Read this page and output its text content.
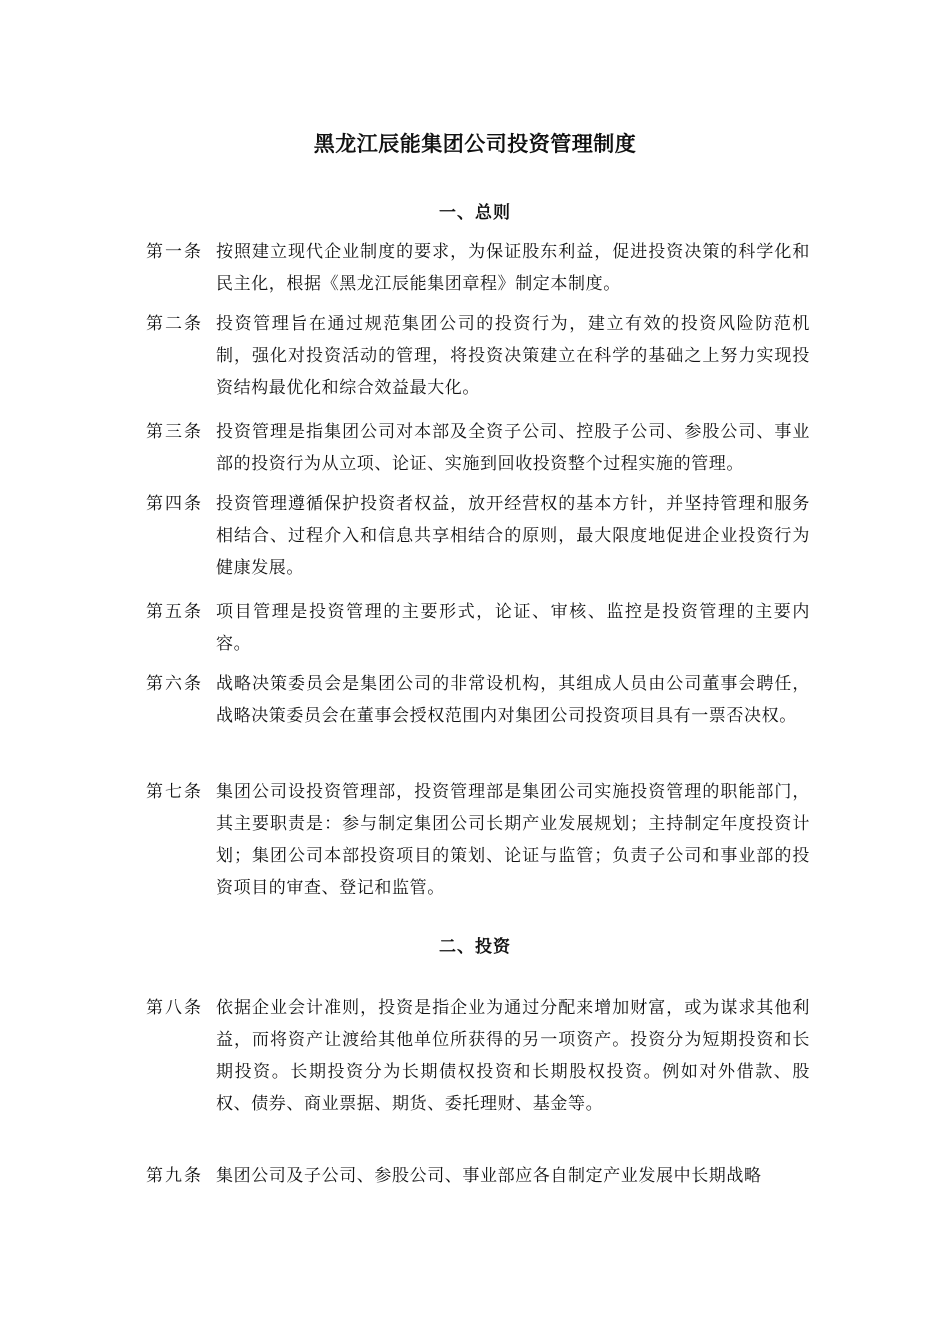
黑龙江辰能集团公司投资管理制度
一、总则
第一条 按照建立现代企业制度的要求，为保证股东利益，促进投资决策的科学化和民主化，根据《黑龙江辰能集团章程》制定本制度。
第二条 投资管理旨在通过规范集团公司的投资行为，建立有效的投资风险防范机制，强化对投资活动的管理，将投资决策建立在科学的基础之上努力实现投资结构最优化和综合效益最大化。
第三条 投资管理是指集团公司对本部及全资子公司、控股子公司、参股公司、事业部的投资行为从立项、论证、实施到回收投资整个过程实施的管理。
第四条 投资管理遵循保护投资者权益，放开经营权的基本方针，并坚持管理和服务相结合、过程介入和信息共享相结合的原则，最大限度地促进企业投资行为健康发展。
第五条 项目管理是投资管理的主要形式，论证、审核、监控是投资管理的主要内容。
第六条 战略决策委员会是集团公司的非常设机构，其组成人员由公司董事会聘任，战略决策委员会在董事会授权范围内对集团公司投资项目具有一票否决权。
第七条 集团公司设投资管理部，投资管理部是集团公司实施投资管理的职能部门，其主要职责是：参与制定集团公司长期产业发展规划；主持制定年度投资计划；集团公司本部投资项目的策划、论证与监管；负责子公司和事业部的投资项目的审查、登记和监管。
二、投资
第八条 依据企业会计准则，投资是指企业为通过分配来增加财富，或为谋求其他利益，而将资产让渡给其他单位所获得的另一项资产。投资分为短期投资和长期投资。长期投资分为长期债权投资和长期股权投资。例如对外借款、股权、债券、商业票据、期货、委托理财、基金等。
第九条 集团公司及子公司、参股公司、事业部应各自制定产业发展中长期战略
